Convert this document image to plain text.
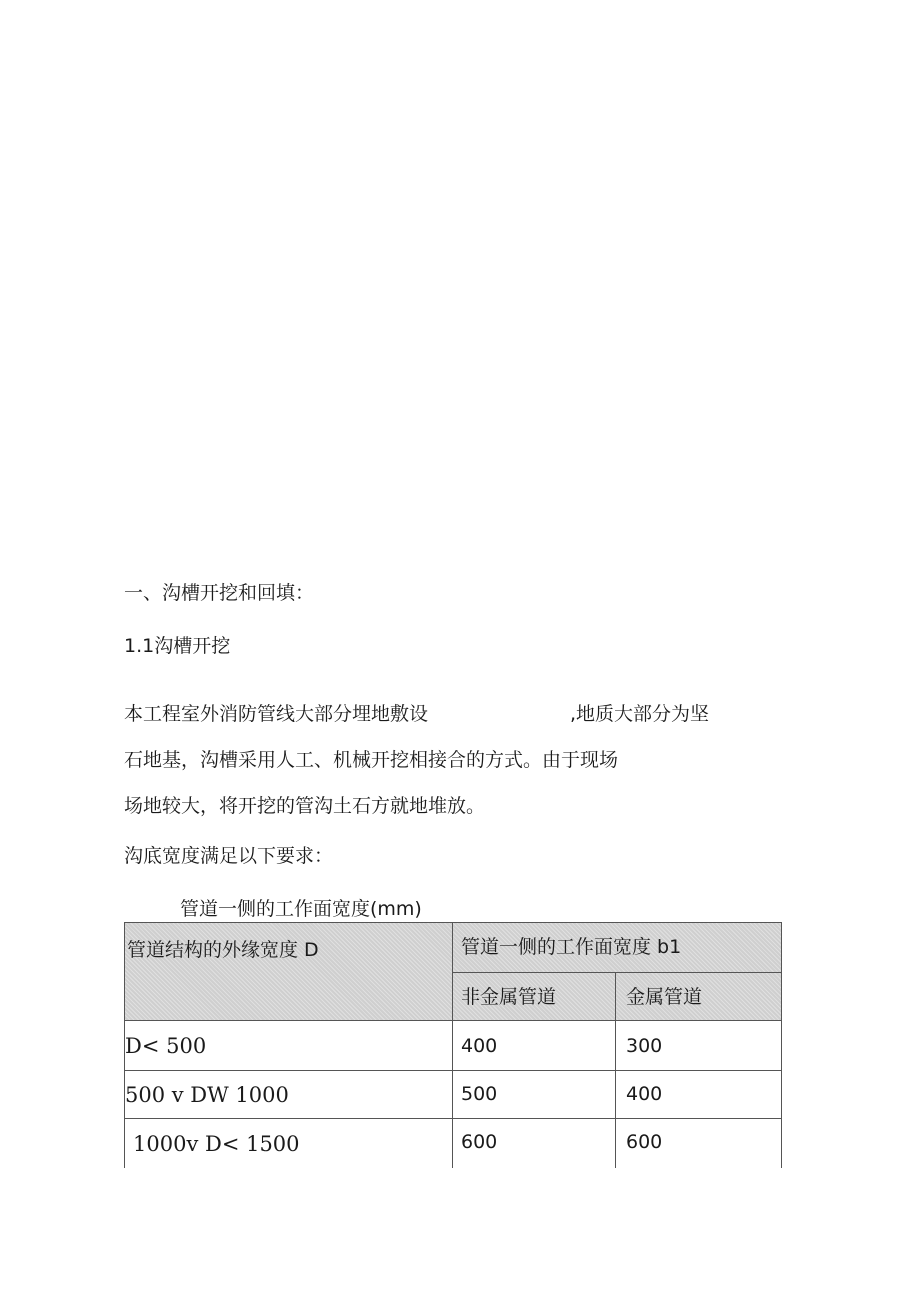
一、沟槽开挖和回填：
1.1沟槽开挖
本工程室外消防管线大部分埋地敷设	,地质大部分为坚
石地基，沟槽采用人工、机械开挖相接合的方式。由于现场
场地较大，将开挖的管沟土石方就地堆放。
沟底宽度满足以下要求：
管道一侧的工作面宽度(mm)
管道结构的外缘宽度 D	管道一侧的工作面宽度 b1
非金属管道	金属管道
D< 500	400	300
500 v DW 1000	500	400
1000v D< 1500	600	600
